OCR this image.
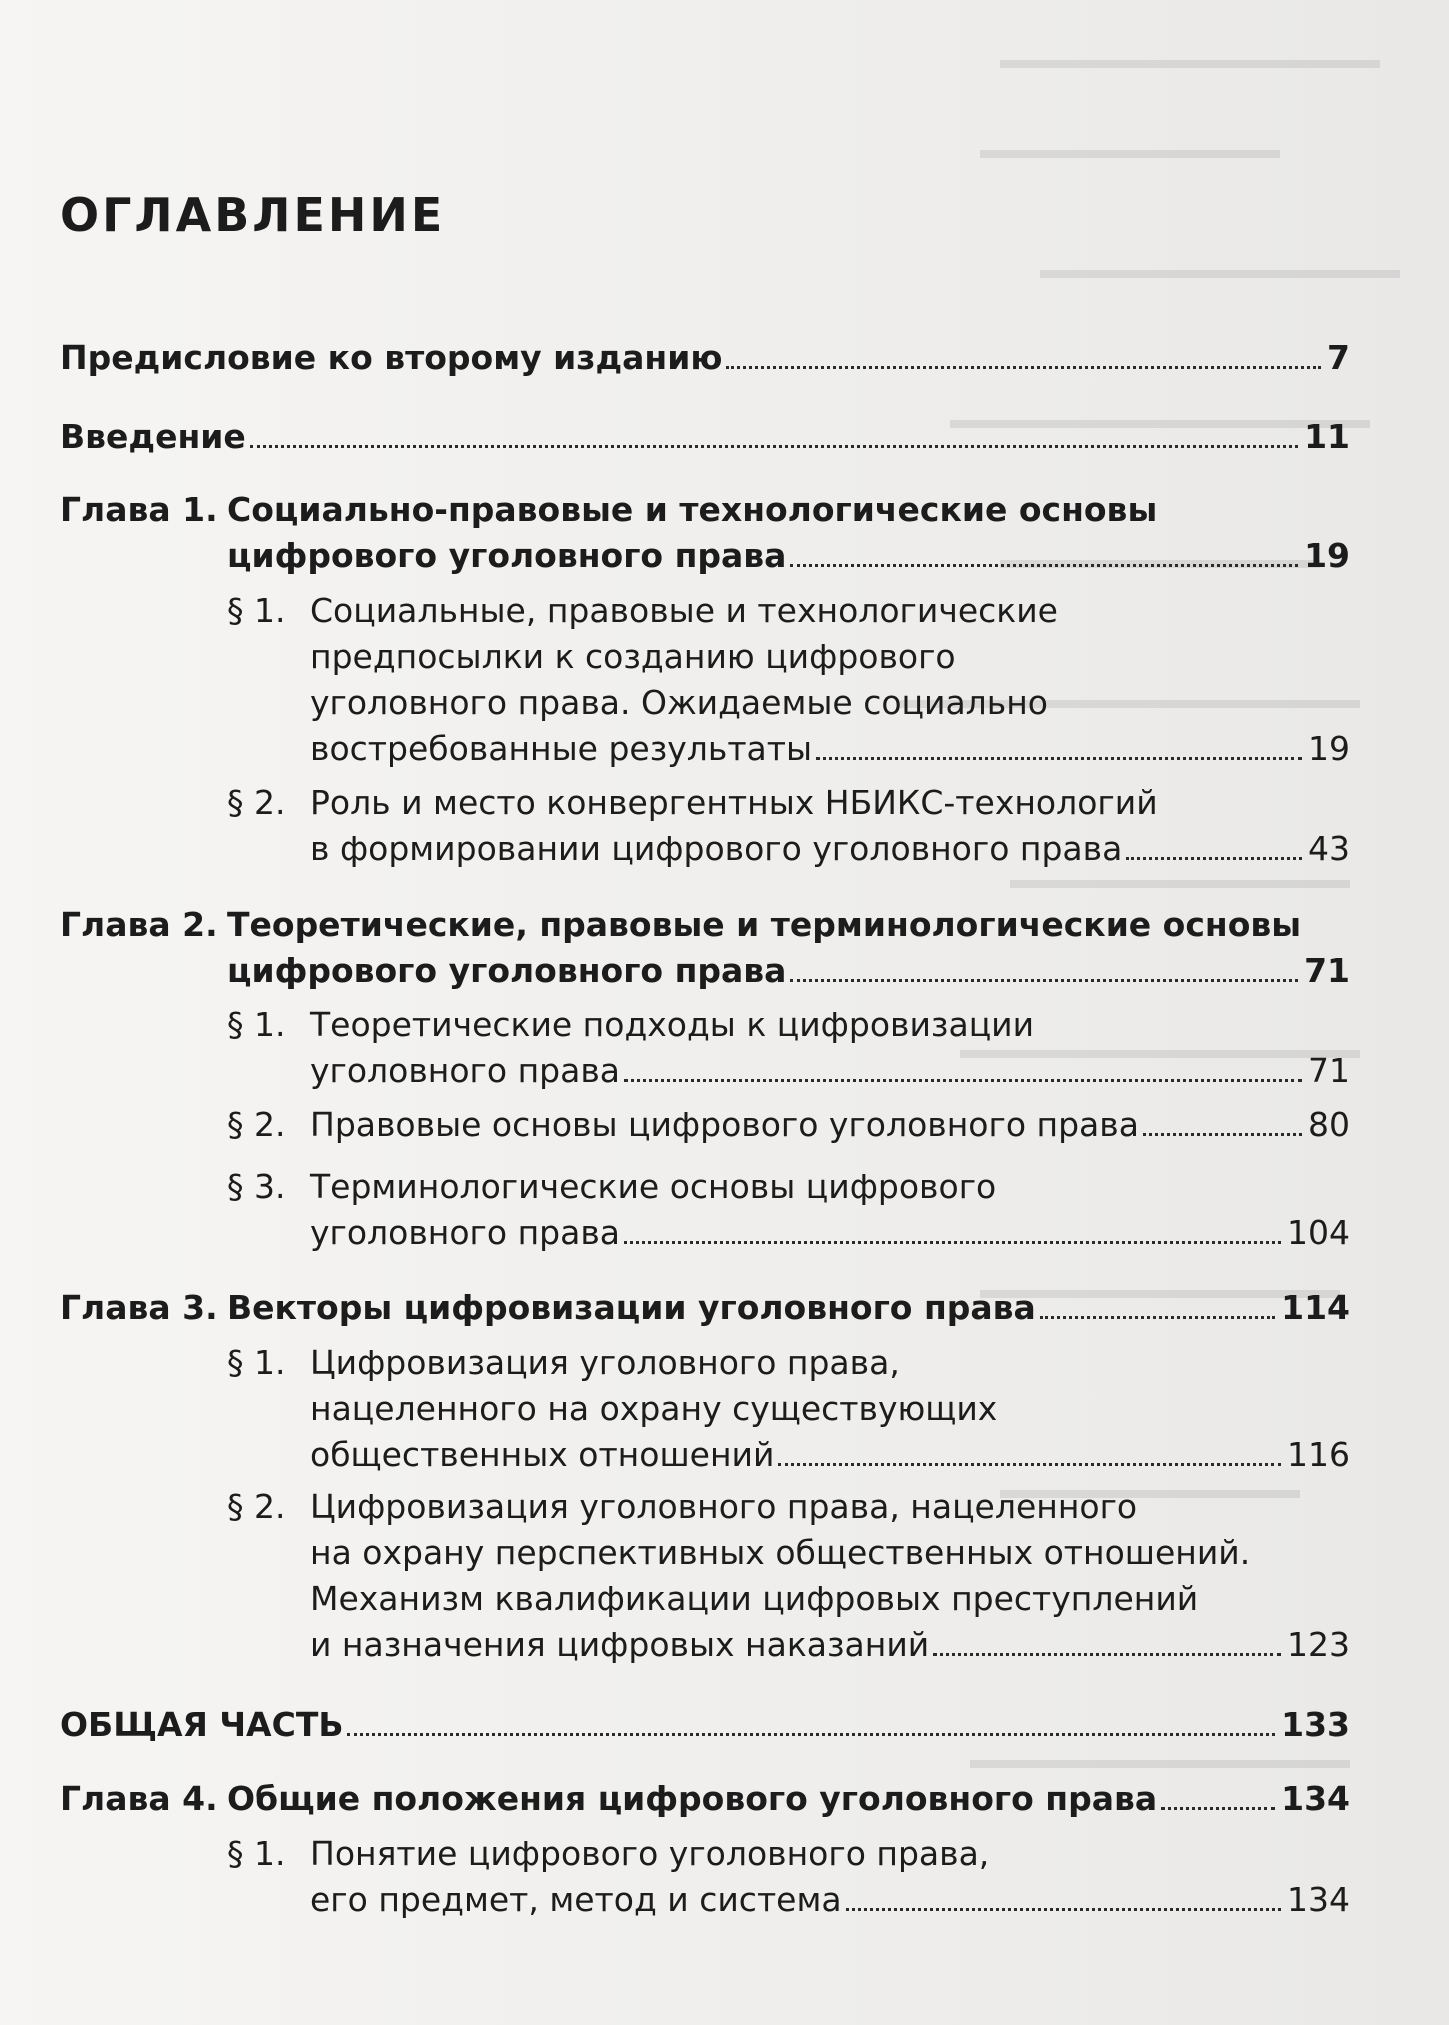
ОГЛАВЛЕНИЕ
Предисловие ко второму изданию	7
Введение	11
Глава 1. Социально-правовые и технологические основы
цифрового уголовного права	19
§ 1. Социальные, правовые и технологические
предпосылки к созданию цифрового
уголовного права. Ожидаемые социально
востребованные результаты	19
§ 2. Роль и место конвергентных НБИКС-технологий
в формировании цифрового уголовного права	43
Глава 2. Теоретические, правовые и терминологические основы
цифрового уголовного права	71
§ 1. Теоретические подходы к цифровизации
уголовного права	71
§ 2. Правовые основы цифрового уголовного права	80
§ 3. Терминологические основы цифрового
уголовного права	104
Глава 3. Векторы цифровизации уголовного права	114
§ 1. Цифровизация уголовного права,
нацеленного на охрану существующих
общественных отношений	116
§ 2. Цифровизация уголовного права, нацеленного
на охрану перспективных общественных отношений.
Механизм квалификации цифровых преступлений
и назначения цифровых наказаний	123
ОБЩАЯ ЧАСТЬ	133
Глава 4. Общие положения цифрового уголовного права	134
§ 1. Понятие цифрового уголовного права,
его предмет, метод и система	134
